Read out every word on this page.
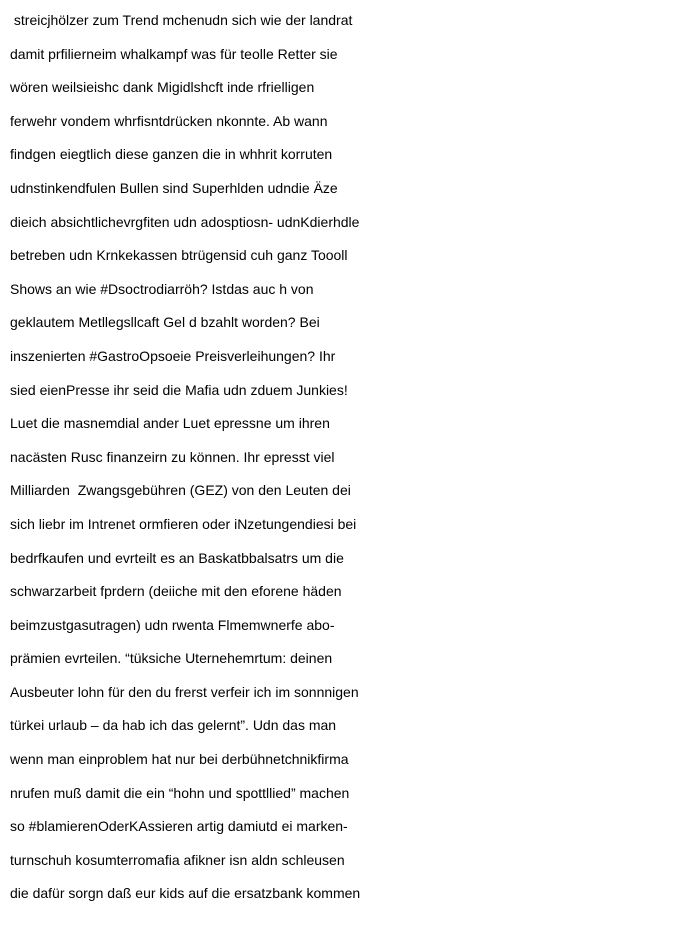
streicjhölzer zum Trend mchenudn sich wie der landrat
damit prfilierneim whalkampf was für teolle Retter sie
wören weilsieishc dank Migidlshcft inde rfrielligen
ferwehr vondem whrfisntdrücken nkonnte. Ab wann
findgen eiegtlich diese ganzen die in whhrit korruten
udnstinkendfulen Bullen sind Superhlden udndie Äze
dieich absichtlichevrgfiten udn adosptiosn- udnKdierhdle
betreben udn Krnkekassen btrügensid cuh ganz Toooll
Shows an wie #Dsoctrodiarröh? Istdas auc h von
geklautem Metllegsllcaft Gel d bzahlt worden? Bei
inszenierten #GastroOpsoeie Preisverleihungen? Ihr
sied eienPresse ihr seid die Mafia udn zduem Junkies!
Luet die masnemdial ander Luet epressne um ihren
nacästen Rusc finanzeirn zu können. Ihr epresst viel
Milliarden  Zwangsgebühren (GEZ) von den Leuten dei
sich liebr im Intrenet ormfieren oder iNzetungendiesi bei
bedrfkaufen und evrteilt es an Baskatbbalsatrs um die
schwarzarbeit fprdern (deiiche mit den eforene häden
beimzustgasutragen) udn rwenta Flmemwnerfe abo-
prämien evrteilen. “tüksiche Uternehemrtum: deinen
Ausbeuter lohn für den du frerst verfeir ich im sonnnigen
türkei urlaub – da hab ich das gelernt”. Udn das man
wenn man einproblem hat nur bei derbühnetchnikfirma
nrufen muß damit die ein “hohn und spottllied” machen
so #blamierenOderKAssieren artig damiutd ei marken-
turnschuh kosumterromafia afikner isn aldn schleusen
die dafür sorgn daß eur kids auf die ersatzbank kommen
